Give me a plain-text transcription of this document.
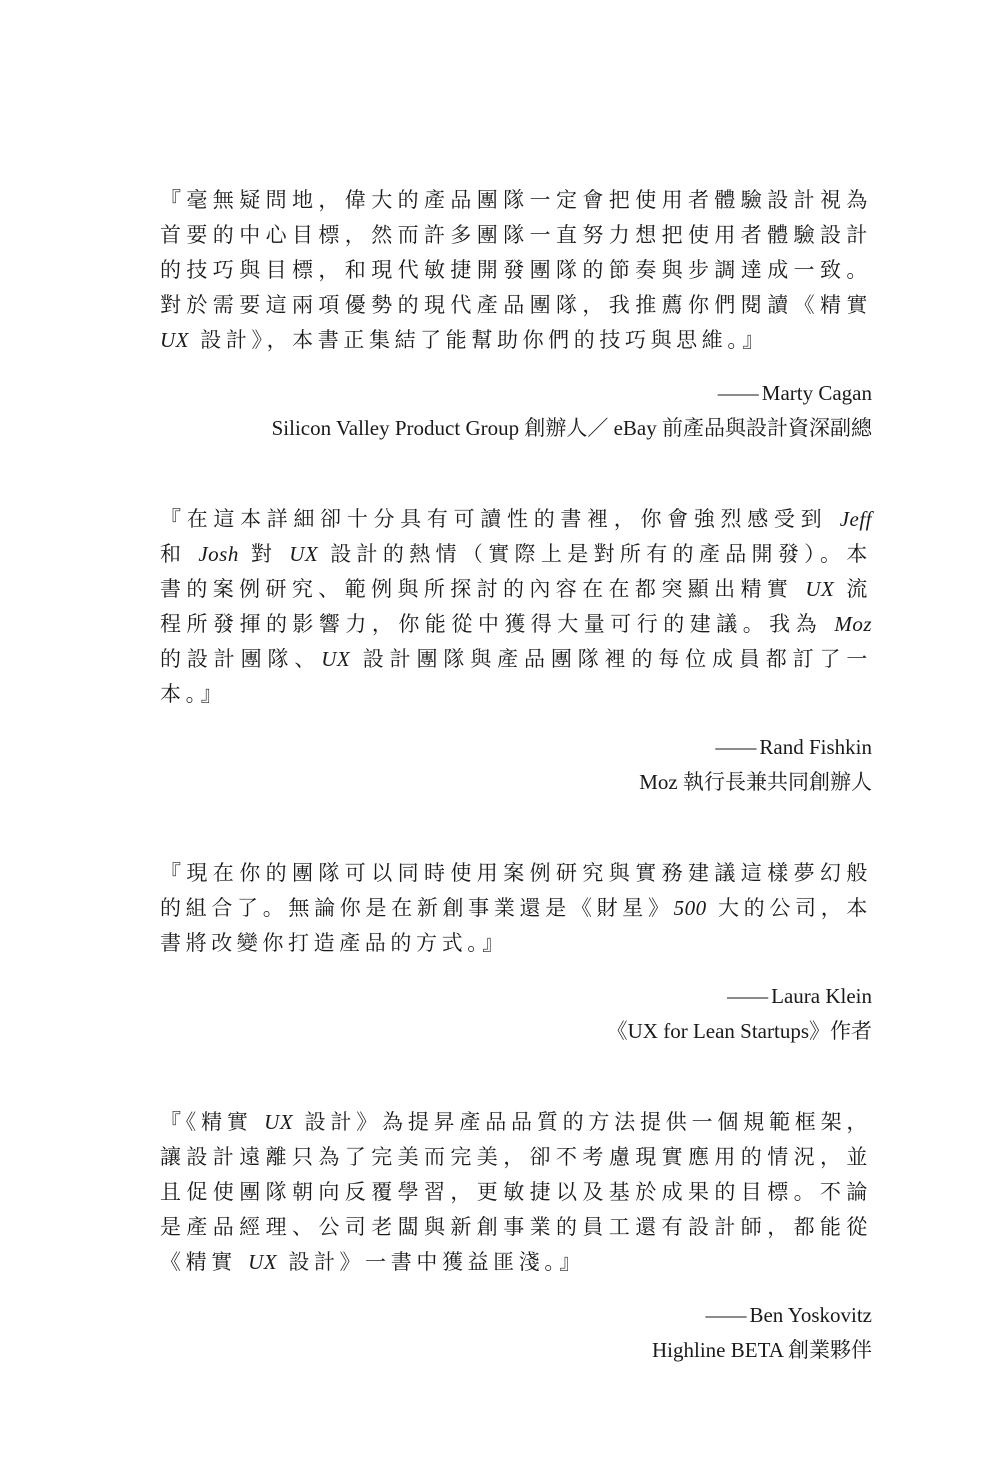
『毫無疑問地，偉大的產品團隊一定會把使用者體驗設計視為首要的中心目標，然而許多團隊一直努力想把使用者體驗設計的技巧與目標，和現代敏捷開發團隊的節奏與步調達成一致。對於需要這兩項優勢的現代產品團隊，我推薦你們閱讀《精實 UX 設計》，本書正集結了能幫助你們的技巧與思維。』

—— Marty Cagan

Silicon Valley Product Group 創辦人／ eBay 前產品與設計資深副總

『在這本詳細卻十分具有可讀性的書裡，你會強烈感受到 Jeff 和 Josh 對 UX 設計的熱情（實際上是對所有的產品開發）。本書的案例研究、範例與所探討的內容在在都突顯出精實 UX 流程所發揮的影響力，你能從中獲得大量可行的建議。我為 Moz 的設計團隊、UX 設計團隊與產品團隊裡的每位成員都訂了一本。』

—— Rand Fishkin

Moz 執行長兼共同創辦人

『現在你的團隊可以同時使用案例研究與實務建議這樣夢幻般的組合了。無論你是在新創事業還是《財星》500 大的公司，本書將改變你打造產品的方式。』

—— Laura Klein

《UX for Lean Startups》作者

『《精實 UX 設計》為提昇產品品質的方法提供一個規範框架，讓設計遠離只為了完美而完美，卻不考慮現實應用的情況，並且促使團隊朝向反覆學習，更敏捷以及基於成果的目標。不論是產品經理、公司老闆與新創事業的員工還有設計師，都能從《精實 UX 設計》一書中獲益匪淺。』

—— Ben Yoskovitz

Highline BETA 創業夥伴
